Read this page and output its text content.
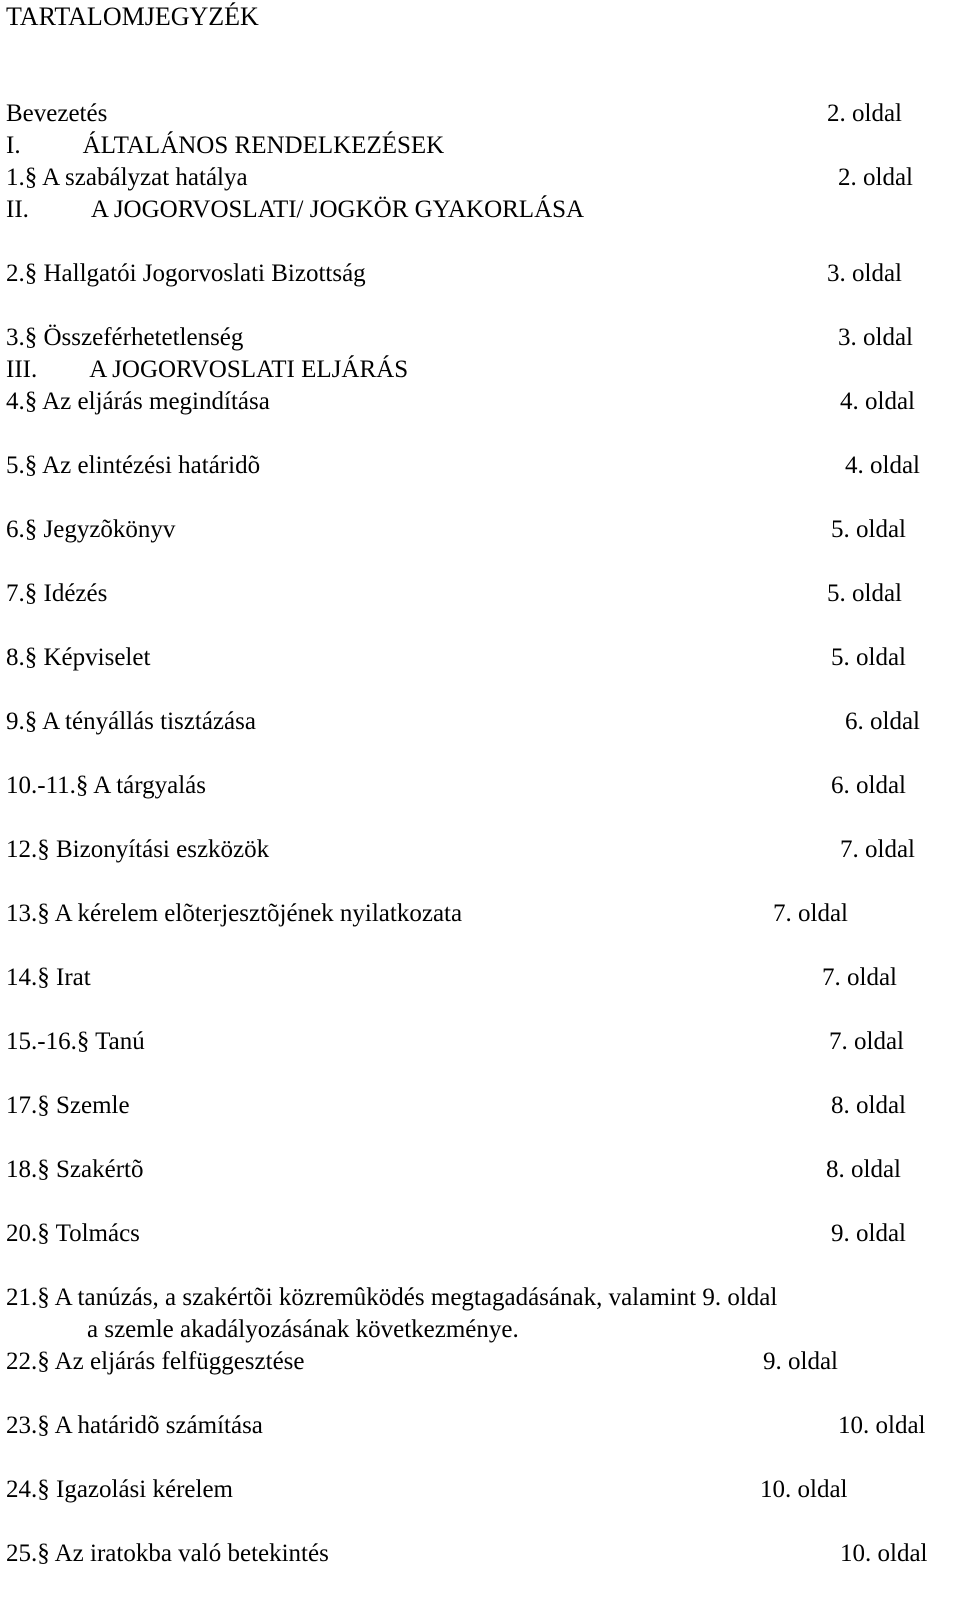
TARTALOMJEGYZÉK
Bevezetés	2. oldal
I. ÁLTALÁNOS RENDELKEZÉSEK
1.§ A szabályzat hatálya	2. oldal
II. A JOGORVOSLATI/ JOGKÖR GYAKORLÁSA
2.§ Hallgatói Jogorvoslati Bizottság	3. oldal
3.§ Összeférhetetlenség	3. oldal
III. A JOGORVOSLATI ELJÁRÁS
4.§ Az eljárás megindítása	4. oldal
5.§ Az elintézési határidõ	4. oldal
6.§ Jegyzõkönyv	5. oldal
7.§ Idézés	5. oldal
8.§ Képviselet	5. oldal
9.§ A tényállás tisztázása	6. oldal
10.-11.§ A tárgyalás	6. oldal
12.§ Bizonyítási eszközök	7. oldal
13.§ A kérelem elõterjesztõjének nyilatkozata	7. oldal
14.§ Irat	7. oldal
15.-16.§ Tanú	7. oldal
17.§ Szemle	8. oldal
18.§ Szakértõ	8. oldal
20.§ Tolmács	9. oldal
21.§ A tanúzás, a szakértõi közremûködés megtagadásának, valamint 9. oldal
a szemle akadályozásának következménye.
22.§ Az eljárás felfüggesztése	9. oldal
23.§ A határidõ számítása	10. oldal
24.§ Igazolási kérelem	10. oldal
25.§ Az iratokba való betekintés	10. oldal
